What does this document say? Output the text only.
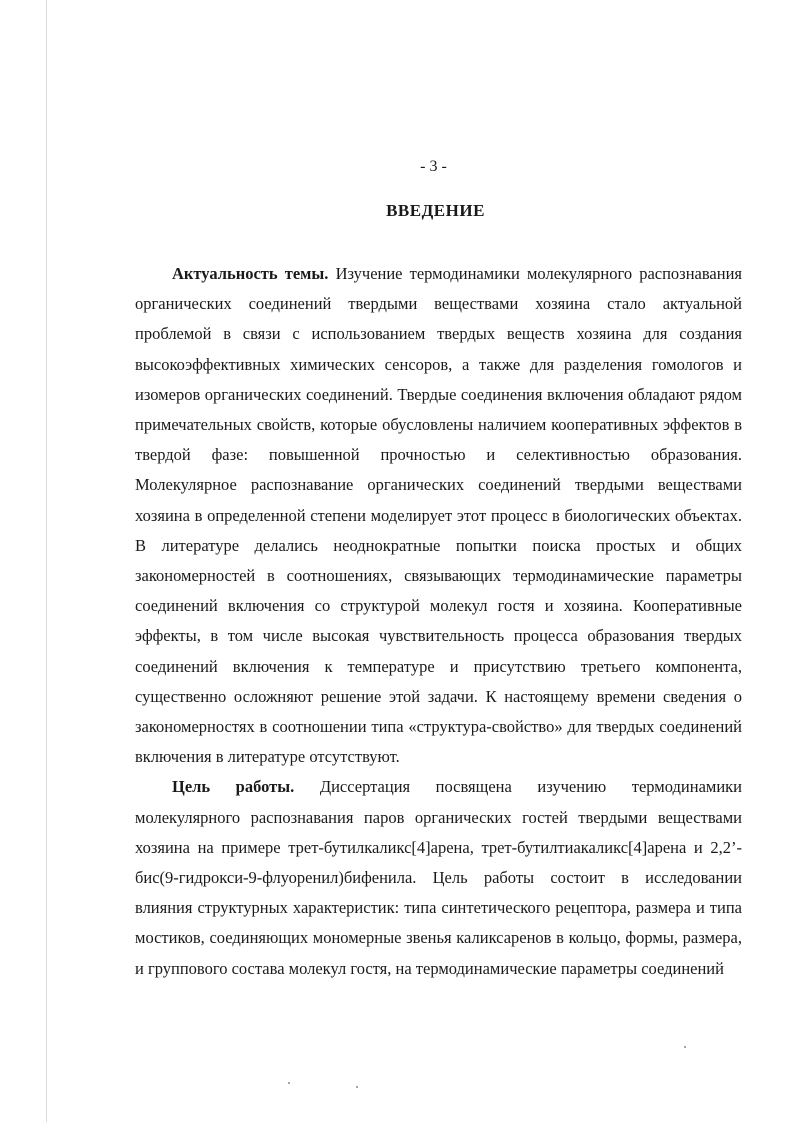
- 3 -
ВВЕДЕНИЕ

Актуальность темы. Изучение термодинамики молекулярного распознавания органических соединений твердыми веществами хозяина стало актуальной проблемой в связи с использованием твердых веществ хозяина для создания высокоэффективных химических сенсоров, а также для разделения гомологов и изомеров органических соединений. Твердые соединения включения обладают рядом примечательных свойств, которые обусловлены наличием кооперативных эффектов в твердой фазе: повышенной прочностью и селективностью образования. Молекулярное распознавание органических соединений твердыми веществами хозяина в определенной степени моделирует этот процесс в биологических объектах. В литературе делались неоднократные попытки поиска простых и общих закономерностей в соотношениях, связывающих термодинамические параметры соединений включения со структурой молекул гостя и хозяина. Кооперативные эффекты, в том числе высокая чувствительность процесса образования твердых соединений включения к температуре и присутствию третьего компонента, существенно осложняют решение этой задачи. К настоящему времени сведения о закономерностях в соотношении типа «структура-свойство» для твердых соединений включения в литературе отсутствуют.

Цель работы. Диссертация посвящена изучению термодинамики молекулярного распознавания паров органических гостей твердыми веществами хозяина на примере трет-бутилкаликс[4]арена, трет-бутилтиакаликс[4]арена и 2,2’-бис(9-гидрокси-9-флуоренил)бифенила. Цель работы состоит в исследовании влияния структурных характеристик: типа синтетического рецептора, размера и типа мостиков, соединяющих мономерные звенья каликсаренов в кольцо, формы, размера, и группового состава молекул гостя, на термодинамические параметры соединений
